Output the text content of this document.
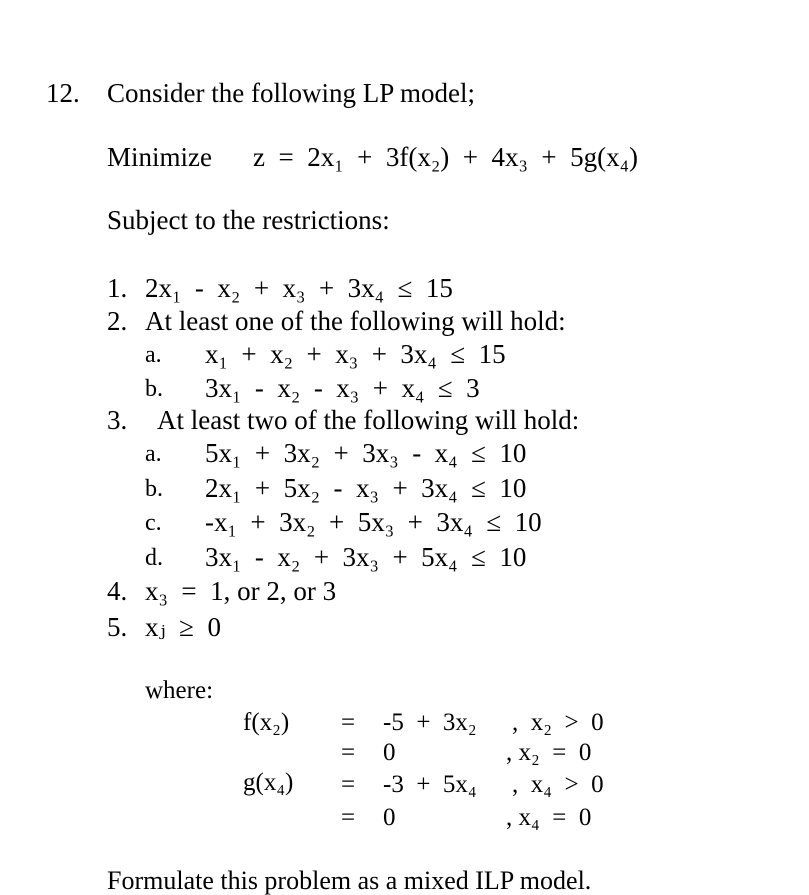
12. Consider the following LP model;
Minimize z  =  2x₁  +  3f(x₂)  +  4x₃  +  5g(x₄)
Subject to the restrictions:
1. 2x₁  -  x₂  +  x₃  +  3x₄  ≤  15
2. At least one of the following will hold:
a. x₁  +  x₂  +  x₃  +  3x₄  ≤  15
b. 3x₁  -  x₂  -  x₃  +  x₄  ≤  3
3. At least two of the following will hold:
a. 5x₁  +  3x₂  +  3x₃  -  x₄  ≤  10
b. 2x₁  +  5x₂  -  x₃  +  3x₄  ≤  10
c. -x₁  +  3x₂  +  5x₃  +  3x₄  ≤  10
d. 3x₁  -  x₂  +  3x₃  +  5x₄  ≤  10
4. x₃  =  1, or 2, or 3
5. xⱼ  ≥  0
where:
f(x₂)
g(x₄)
=
=
=
=
-5  +  3x₂ ,  x₂  >  0
0	, x₂  =  0
-3  +  5x₄ ,  x₄  >  0
0	, x₄  =  0
Formulate this problem as a mixed ILP model.
